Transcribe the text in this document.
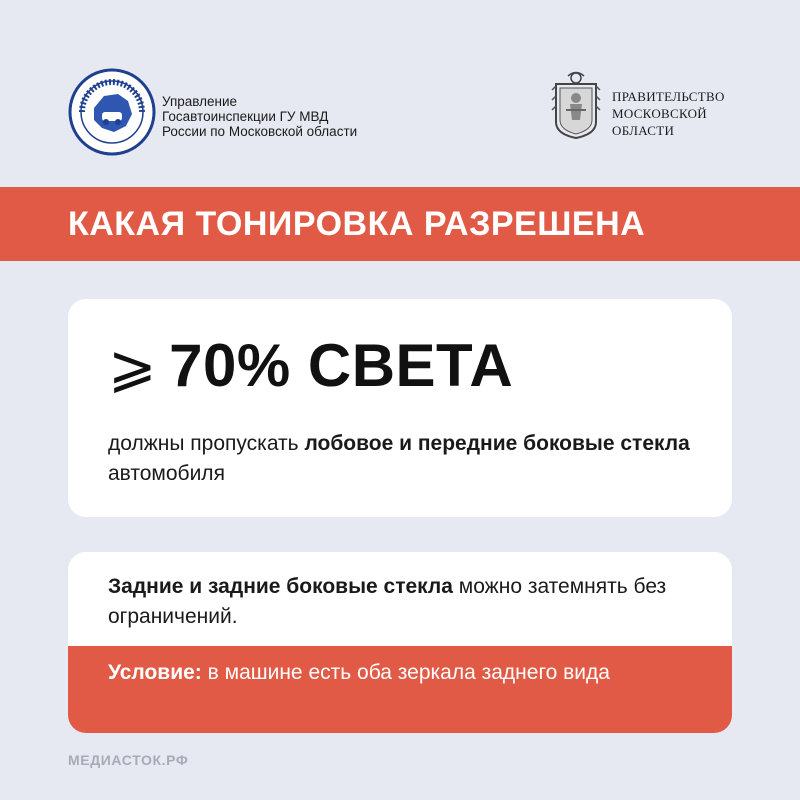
Управление
Госавтоинспекции ГУ МВД
России по Московской области
ПРАВИТЕЛЬСТВО
МОСКОВСКОЙ
ОБЛАСТИ
КАКАЯ ТОНИРОВКА РАЗРЕШЕНА
⩾ 70% СВЕТА
должны пропускать лобовое и передние боковые стекла автомобиля
Задние и задние боковые стекла можно затемнять без ограничений.
Условие: в машине есть оба зеркала заднего вида
МЕДИАСТОК.РФ
